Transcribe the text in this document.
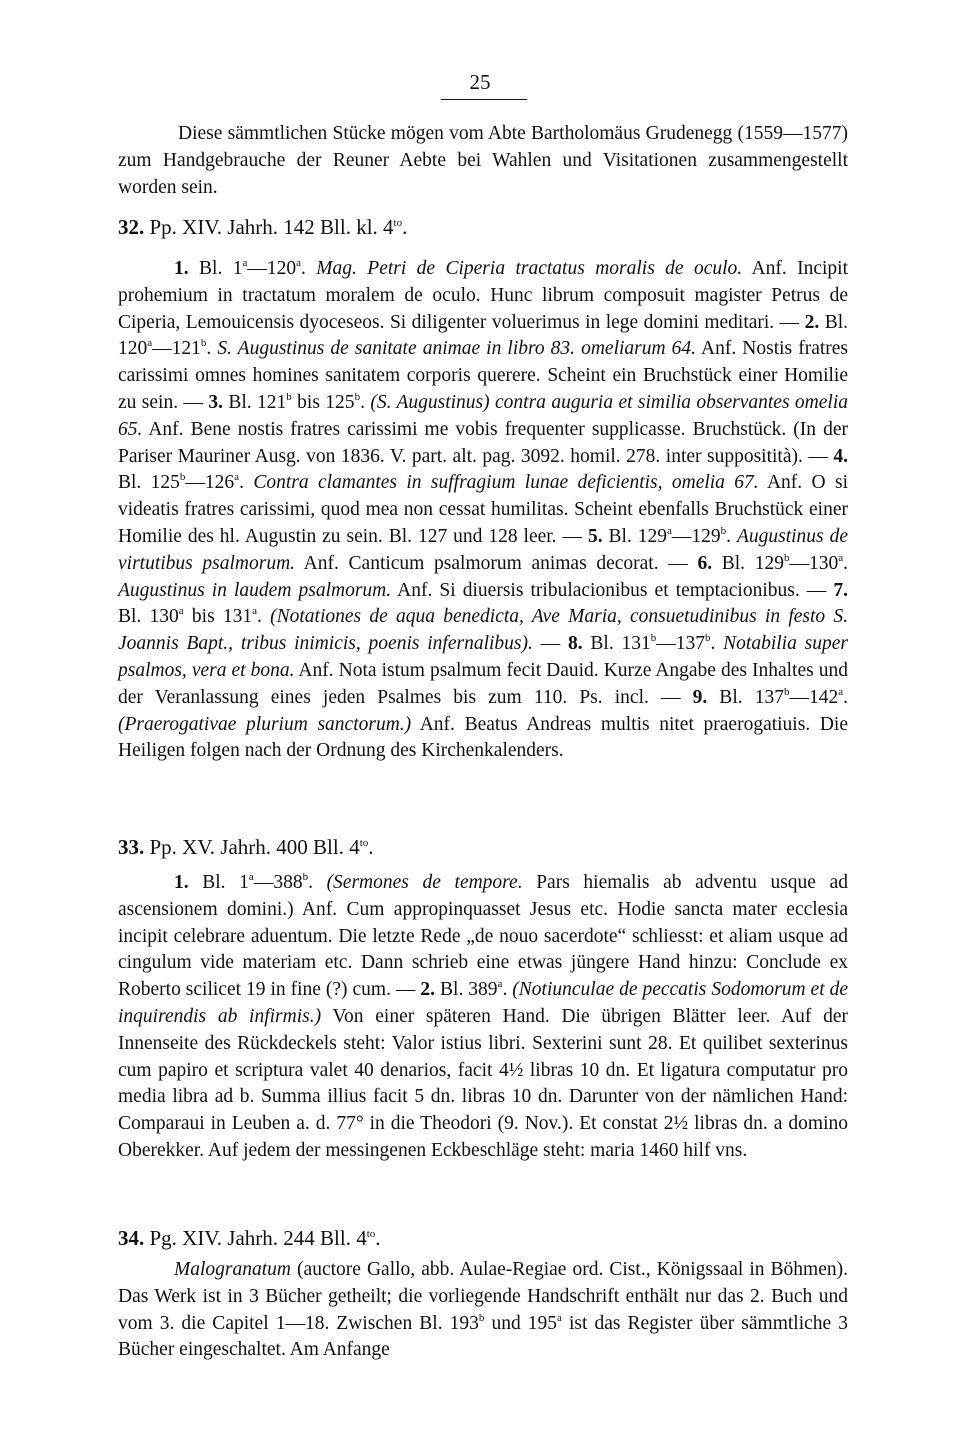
25

Diese sämmtlichen Stücke mögen vom Abte Bartholomäus Grudenegg (1559—1577) zum Handgebrauche der Reuner Aebte bei Wahlen und Visitationen zusammengestellt worden sein.

32. Pp. XIV. Jahrh. 142 Bll. kl. $4^{to}$.

1. Bl. 1$^a$—120$^a$. Mag. Petri de Ciperia tractatus moralis de oculo. Anf. Incipit prohemium in tractatum moralem de oculo. Hunc librum composuit magister Petrus de Ciperia, Lemouicensis dyoceseos. Si diligenter voluerimus in lege domini meditari. — 2. Bl. 120$^a$—121$^b$. S. Augustinus de sanitate animae in libro 83. omeliarum 64. Anf. Nostis fratres carissimi omnes homines sanitatem corporis querere. Scheint ein Bruchstück einer Homilie zu sein. — 3. Bl. 121$^b$ bis 125$^b$. (S. Augustinus) contra auguria et similia observantes omelia 65. Anf. Bene nostis fratres carissimi me vobis frequenter supplicasse. Bruchstück. (In der Pariser Mauriner Ausg. von 1836. V. part. alt. pag. 3092. homil. 278. inter suppositità). — 4. Bl. 125$^b$—126$^a$. Contra clamantes in suffragium lunae deficientis, omelia 67. Anf. O si videatis fratres carissimi, quod mea non cessat humilitas. Scheint ebenfalls Bruchstück einer Homilie des hl. Augustin zu sein. Bl. 127 und 128 leer. — 5. Bl. 129$^a$—129$^b$. Augustinus de virtutibus psalmorum. Anf. Canticum psalmorum animas decorat. — 6. Bl. 129$^b$—130$^a$. Augustinus in laudem psalmorum. Anf. Si diuersis tribulacionibus et temptacionibus. — 7. Bl. 130$^a$ bis 131$^a$. (Notationes de aqua benedicta, Ave Maria, consuetudinibus in festo S. Joannis Bapt., tribus inimicis, poenis infernalibus). — 8. Bl. 131$^b$—137$^b$. Notabilia super psalmos, vera et bona. Anf. Nota istum psalmum fecit Dauid. Kurze Angabe des Inhaltes und der Veranlassung eines jeden Psalmes bis zum 110. Ps. incl. — 9. Bl. 137$^b$—142$^a$. (Praerogativae plurium sanctorum.) Anf. Beatus Andreas multis nitet praerogatiuis. Die Heiligen folgen nach der Ordnung des Kirchenkalenders.

33. Pp. XV. Jahrh. 400 Bll. $4^{to}$.

1. Bl. 1$^a$—388$^b$. (Sermones de tempore. Pars hiemalis ab adventu usque ad ascensionem domini.) Anf. Cum appropinquasset Jesus etc. Hodie sancta mater ecclesia incipit celebrare aduentum. Die letzte Rede „de nouo sacerdote“ schliesst: et aliam usque ad cingulum vide materiam etc. Dann schrieb eine etwas jüngere Hand hinzu: Conclude ex Roberto scilicet 19 in fine (?) cum. — 2. Bl. 389$^a$. (Notiunculae de peccatis Sodomorum et de inquirendis ab infirmis.) Von einer späteren Hand. Die übrigen Blätter leer. Auf der Innenseite des Rückdeckels steht: Valor istius libri. Sexterini sunt 28. Et quilibet sexterinus cum papiro et scriptura valet 40 denarios, facit 4½ libras 10 dn. Et ligatura computatur pro media libra ad b. Summa illius facit 5 dn. libras 10 dn. Darunter von der nämlichen Hand: Comparaui in Leuben a. d. 77° in die Theodori (9. Nov.). Et constat 2½ libras dn. a domino Oberekker. Auf jedem der messingenen Eckbeschläge steht: maria 1460 hilf vns.

34. Pg. XIV. Jahrh. 244 Bll. $4^{to}$.

Malogranatum (auctore Gallo, abb. Aulae-Regiae ord. Cist., Königssaal in Böhmen). Das Werk ist in 3 Bücher getheilt; die vorliegende Handschrift enthält nur das 2. Buch und vom 3. die Capitel 1—18. Zwischen Bl. 193$^b$ und 195$^a$ ist das Register über sämmtliche 3 Bücher eingeschaltet. Am Anfange
